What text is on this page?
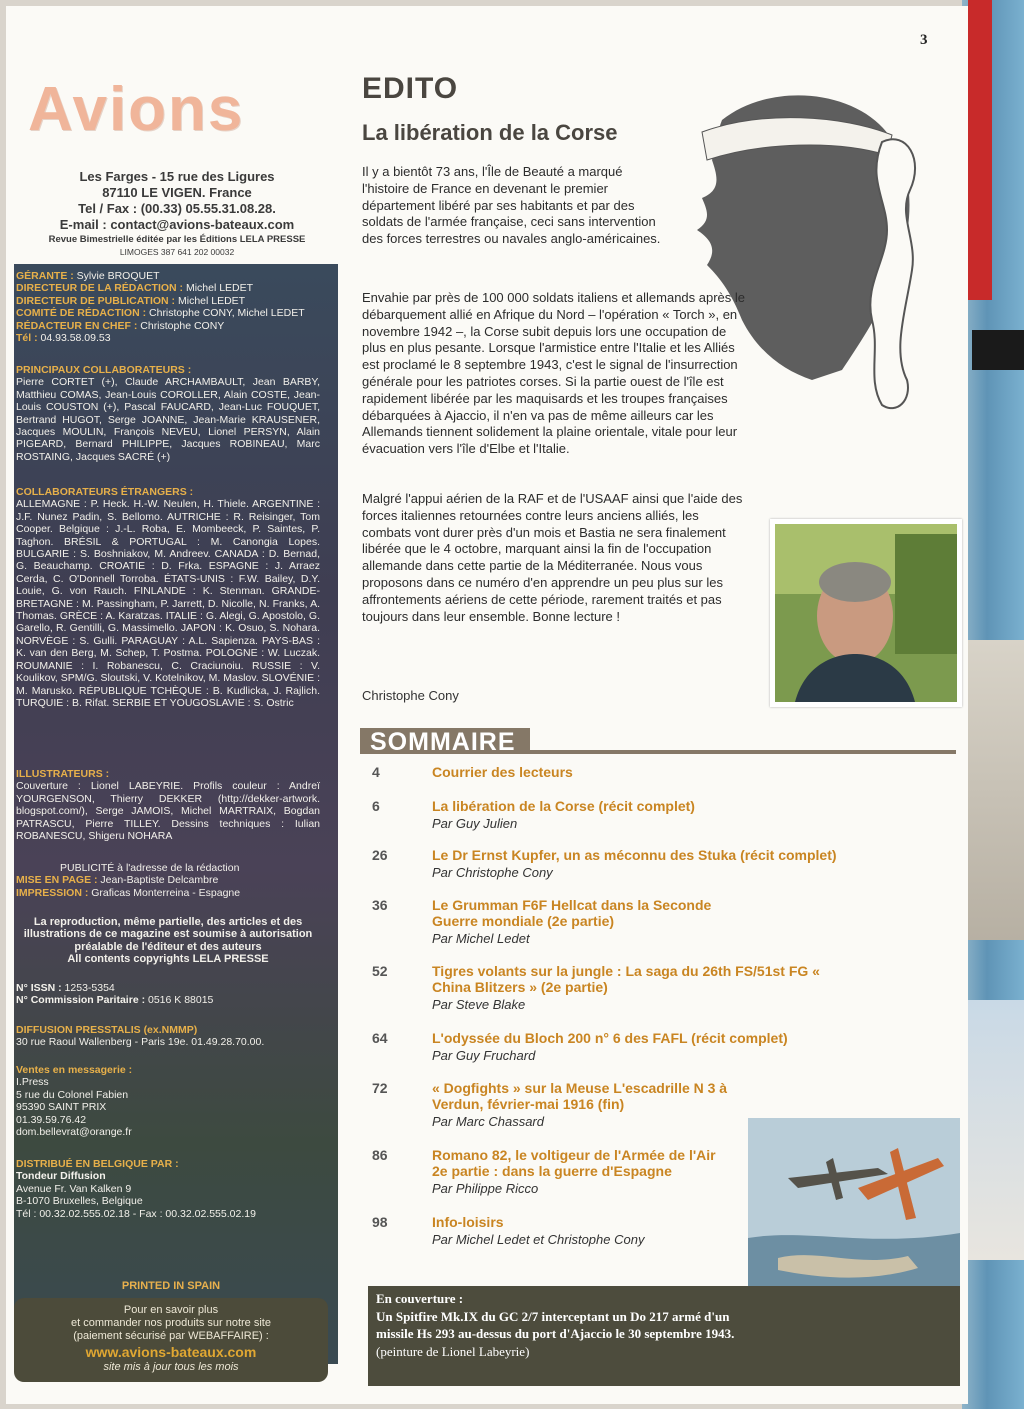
3
Avions
Les Farges - 15 rue des Ligures
87110 LE VIGEN. France
Tel / Fax : (00.33) 05.55.31.08.28.
E-mail : contact@avions-bateaux.com
Revue Bimestrielle éditée par les Éditions LELA PRESSE
LIMOGES 387 641 202 00032
GÉRANTE : Sylvie BROQUET
DIRECTEUR DE LA RÉDACTION : Michel LEDET
DIRECTEUR DE PUBLICATION : Michel LEDET
COMITÉ DE RÉDACTION : Christophe CONY, Michel LEDET
RÉDACTEUR EN CHEF : Christophe CONY
Tél : 04.93.58.09.53
PRINCIPAUX COLLABORATEURS :
Pierre CORTET (+), Claude ARCHAMBAULT, Jean BARBY, Matthieu COMAS, Jean-Louis COROLLER, Alain COSTE, Jean-Louis COUSTON (+), Pascal FAUCARD, Jean-Luc FOUQUET, Bertrand HUGOT, Serge JOANNE, Jean-Marie KRAUSENER, Jacques MOULIN, François NEVEU, Lionel PERSYN, Alain PIGEARD, Bernard PHILIPPE, Jacques ROBINEAU, Marc ROSTAING, Jacques SACRÉ (+)
COLLABORATEURS ÉTRANGERS :
ALLEMAGNE : P. Heck. H.-W. Neulen, H. Thiele. ARGENTINE : J.F. Nunez Padin, S. Bellomo. AUTRICHE : R. Reisinger, Tom Cooper. Belgique : J.-L. Roba, E. Mombeeck, P. Saintes, P. Taghon. BRÉSIL & PORTUGAL : M. Canongia Lopes. BULGARIE : S. Boshniakov, M. Andreev. CANADA : D. Bernad, G. Beauchamp. CROATIE : D. Frka. ESPAGNE : J. Arraez Cerda, C. O'Donnell Torroba. ÉTATS-UNIS : F.W. Bailey, D.Y. Louie, G. von Rauch. FINLANDE : K. Stenman. GRANDE-BRETAGNE : M. Passingham, P. Jarrett, D. Nicolle, N. Franks, A. Thomas. GRÈCE : A. Karatzas. ITALIE : G. Alegi, G. Apostolo, G. Garello, R. Gentilli, G. Massimello. JAPON : K. Osuo, S. Nohara. NORVÈGE : S. Gulli. PARAGUAY : A.L. Sapienza. PAYS-BAS : K. van den Berg, M. Schep, T. Postma. POLOGNE : W. Luczak. ROUMANIE : I. Robanescu, C. Craciunoiu. RUSSIE : V. Koulikov, SPM/G. Sloutski, V. Kotelnikov, M. Maslov. SLOVÉNIE : M. Marusko. RÉPUBLIQUE TCHÈQUE : B. Kudlicka, J. Rajlich. TURQUIE : B. Rifat. SERBIE ET YOUGOSLAVIE : S. Ostric
ILLUSTRATEURS :
Couverture : Lionel LABEYRIE. Profils couleur : Andreï YOURGENSON, Thierry DEKKER (http://dekker-artwork. blogspot.com/), Serge JAMOIS, Michel MARTRAIX, Bogdan PATRASCU, Pierre TILLEY. Dessins techniques : Iulian ROBANESCU, Shigeru NOHARA
PUBLICITÉ à l'adresse de la rédaction
MISE EN PAGE : Jean-Baptiste Delcambre
IMPRESSION : Graficas Monterreina - Espagne
La reproduction, même partielle, des articles et des illustrations de ce magazine est soumise à autorisation préalable de l'éditeur et des auteurs
All contents copyrights LELA PRESSE
N° ISSN : 1253-5354
N° Commission Paritaire : 0516 K 88015
DIFFUSION PRESSTALIS (ex.NMMP)
30 rue Raoul Wallenberg - Paris 19e. 01.49.28.70.00.
Ventes en messagerie :
I.Press
5 rue du Colonel Fabien
95390 SAINT PRIX
01.39.59.76.42
dom.bellevrat@orange.fr
DISTRIBUÉ EN BELGIQUE PAR :
Tondeur Diffusion
Avenue Fr. Van Kalken 9
B-1070 Bruxelles, Belgique
Tél : 00.32.02.555.02.18 - Fax : 00.32.02.555.02.19
PRINTED IN SPAIN
Pour en savoir plus
et commander nos produits sur notre site
(paiement sécurisé par WEBAFFAIRE) :
www.avions-bateaux.com
site mis à jour tous les mois
EDITO
La libération de la Corse
Il y a bientôt 73 ans, l'Île de Beauté a marqué l'histoire de France en devenant le premier département libéré par ses habitants et par des soldats de l'armée française, ceci sans intervention des forces terrestres ou navales anglo-américaines.
Envahie par près de 100 000 soldats italiens et allemands après le débarquement allié en Afrique du Nord – l'opération « Torch », en novembre 1942 –, la Corse subit depuis lors une occupation de plus en plus pesante. Lorsque l'armistice entre l'Italie et les Alliés est proclamé le 8 septembre 1943, c'est le signal de l'insurrection générale pour les patriotes corses. Si la partie ouest de l'île est rapidement libérée par les maquisards et les troupes françaises débarquées à Ajaccio, il n'en va pas de même ailleurs car les Allemands tiennent solidement la plaine orientale, vitale pour leur évacuation vers l'île d'Elbe et l'Italie.
Malgré l'appui aérien de la RAF et de l'USAAF ainsi que l'aide des forces italiennes retournées contre leurs anciens alliés, les combats vont durer près d'un mois et Bastia ne sera finalement libérée que le 4 octobre, marquant ainsi la fin de l'occupation allemande dans cette partie de la Méditerranée. Nous vous proposons dans ce numéro d'en apprendre un peu plus sur les affrontements aériens de cette période, rarement traités et pas toujours dans leur ensemble. Bonne lecture !
Christophe Cony
SOMMAIRE
4	Courrier des lecteurs
6	La libération de la Corse (récit complet)
Par Guy Julien
26	Le Dr Ernst Kupfer, un as méconnu des Stuka (récit complet)
Par Christophe Cony
36	Le Grumman F6F Hellcat dans la Seconde Guerre mondiale (2e partie)
Par Michel Ledet
52	Tigres volants sur la jungle : La saga du 26th FS/51st FG « China Blitzers » (2e partie)
Par Steve Blake
64	L'odyssée du Bloch 200 n° 6 des FAFL (récit complet)
Par Guy Fruchard
72	« Dogfights » sur la Meuse L'escadrille N 3 à Verdun, février-mai 1916 (fin)
Par Marc Chassard
86	Romano 82, le voltigeur de l'Armée de l'Air 2e partie : dans la guerre d'Espagne
Par Philippe Ricco
98	Info-loisirs
Par Michel Ledet et Christophe Cony
En couverture :
Un Spitfire Mk.IX du GC 2/7 interceptant un Do 217 armé d'un missile Hs 293 au-dessus du port d'Ajaccio le 30 septembre 1943.
(peinture de Lionel Labeyrie)
